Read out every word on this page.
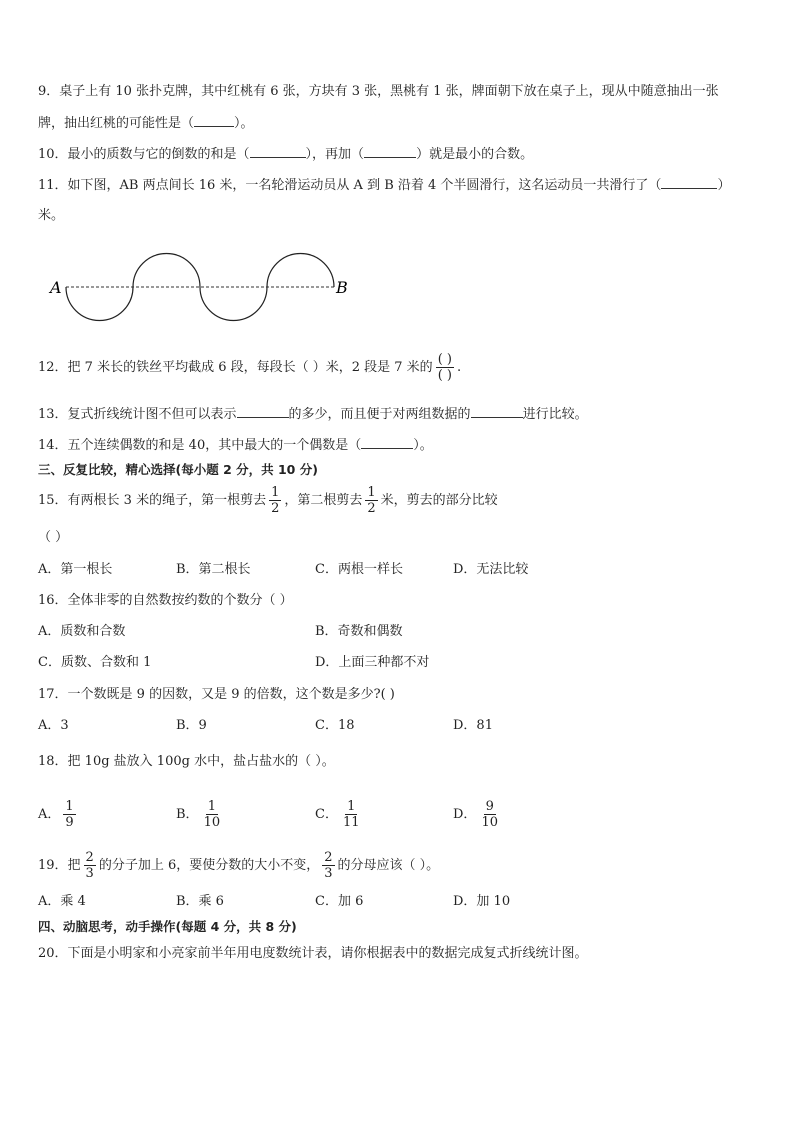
9．桌子上有 10 张扑克牌，其中红桃有 6 张，方块有 3 张，黑桃有 1 张，牌面朝下放在桌子上，现从中随意抽出一张
牌，抽出红桃的可能性是（	）。
10．最小的质数与它的倒数的和是（	），再加（	）就是最小的合数。
11．如下图，AB 两点间长 16 米，一名轮滑运动员从 A 到 B 沿着 4 个半圆滑行，这名运动员一共滑行了（	）
米。
A	B
12．把 7 米长的铁丝平均截成 6 段，每段长（ ）米，2 段是 7 米的 $\frac{( )}{( )}$ .
13．复式折线统计图不但可以表示	的多少，而且便于对两组数据的	进行比较。
14．五个连续偶数的和是 40，其中最大的一个偶数是（	）。
三、反复比较，精心选择(每小题 2 分，共 10 分)
15．有两根长 3 米的绳子，第一根剪去 $\frac{1}{2}$ ，第二根剪去 $\frac{1}{2}$ 米，剪去的部分比较
（ ）
A．第一根长	B．第二根长	C．两根一样长	D．无法比较
16．全体非零的自然数按约数的个数分（ ）
A．质数和合数	B．奇数和偶数
C．质数、合数和 1	D．上面三种都不对
17．一个数既是 9 的因数，又是 9 的倍数，这个数是多少?( )
A．3	B．9	C．18	D．81
18．把 10g 盐放入 100g 水中，盐占盐水的（ ）。
A． $\frac{1}{9}$	B． $\frac{1}{10}$	C． $\frac{1}{11}$	D． $\frac{9}{10}$
19．把 $\frac{2}{3}$ 的分子加上 6，要使分数的大小不变， $\frac{2}{3}$ 的分母应该（ ）。
A．乘 4	B．乘 6	C．加 6	D．加 10
四、动脑思考，动手操作(每题 4 分，共 8 分)
20．下面是小明家和小亮家前半年用电度数统计表，请你根据表中的数据完成复式折线统计图。
